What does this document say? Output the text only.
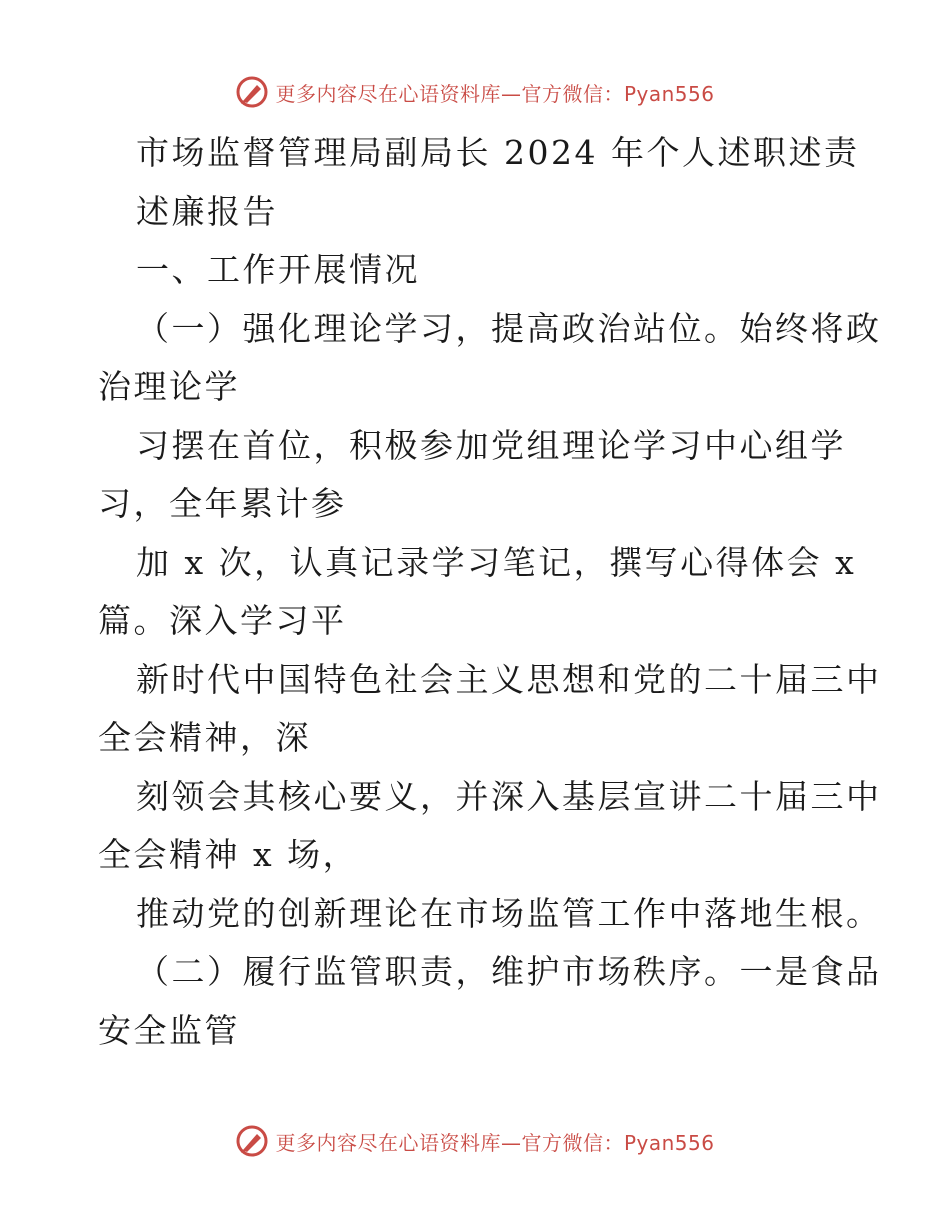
更多内容尽在心语资料库—官方微信：Pyan556
市场监督管理局副局长 2024 年个人述职述责
述廉报告
一、工作开展情况
（一）强化理论学习，提高政治站位。始终将政
治理论学
习摆在首位，积极参加党组理论学习中心组学
习，全年累计参
加 x 次，认真记录学习笔记，撰写心得体会 x
篇。深入学习平
新时代中国特色社会主义思想和党的二十届三中
全会精神，深
刻领会其核心要义，并深入基层宣讲二十届三中
全会精神 x 场，
推动党的创新理论在市场监管工作中落地生根。
（二）履行监管职责，维护市场秩序。一是食品
安全监管
更多内容尽在心语资料库—官方微信：Pyan556
